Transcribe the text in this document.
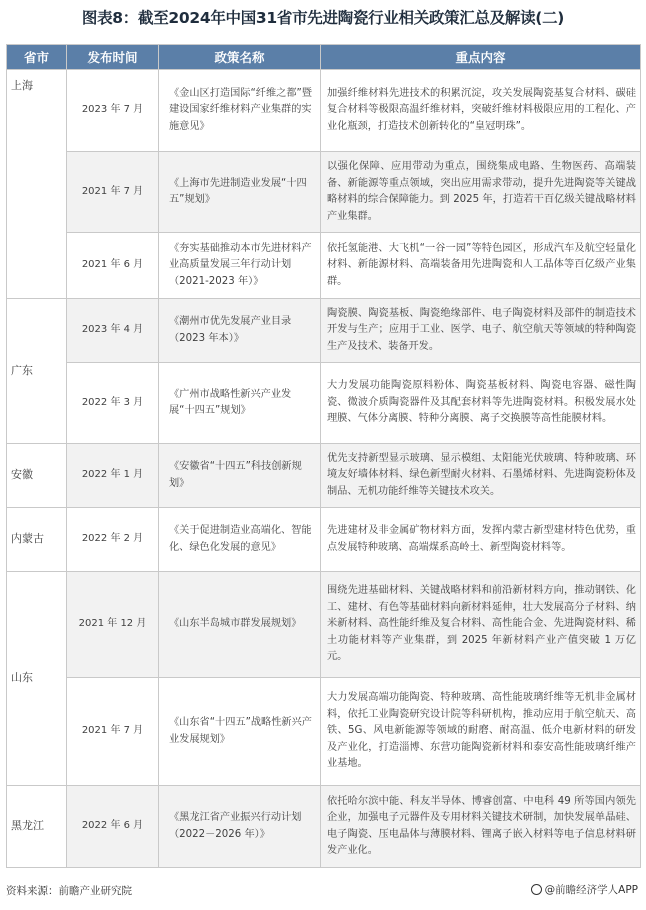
图表8：截至2024年中国31省市先进陶瓷行业相关政策汇总及解读(二)
省市	发布时间	政策名称	重点内容
上海	2023 年 7 月	《金山区打造国际“纤维之都”暨建设国家纤维材料产业集群的实施意见》	加强纤维材料先进技术的积累沉淀，攻关发展陶瓷基复合材料、碳硅复合材料等极限高温纤维材料，突破纤维材料极限应用的工程化、产业化瓶颈，打造技术创新转化的“皇冠明珠”。
	2021 年 7 月	《上海市先进制造业发展“十四五”规划》	以强化保障、应用带动为重点，围绕集成电路、生物医药、高端装备、新能源等重点领域，突出应用需求带动，提升先进陶瓷等关键战略材料的综合保障能力。到 2025 年，打造若干百亿级关键战略材料产业集群。
	2021 年 6 月	《夯实基础推动本市先进材料产业高质量发展三年行动计划（2021-2023 年）》	依托氢能港、大飞机“一谷一园”等特色园区，形成汽车及航空轻量化材料、新能源材料、高端装备用先进陶瓷和人工晶体等百亿级产业集群。
广东	2023 年 4 月	《潮州市优先发展产业目录（2023 年本）》	陶瓷膜、陶瓷基板、陶瓷绝缘部件、电子陶瓷材料及部件的制造技术开发与生产；应用于工业、医学、电子、航空航天等领域的特种陶瓷生产及技术、装备开发。
	2022 年 3 月	《广州市战略性新兴产业发展“十四五”规划》	大力发展功能陶瓷原料粉体、陶瓷基板材料、陶瓷电容器、磁性陶瓷、微波介质陶瓷器件及其配套材料等先进陶瓷材料。积极发展水处理膜、气体分离膜、特种分离膜、离子交换膜等高性能膜材料。
安徽	2022 年 1 月	《安徽省“十四五”科技创新规划》	优先支持新型显示玻璃、显示模组、太阳能光伏玻璃、特种玻璃、环境友好墙体材料、绿色新型耐火材料、石墨烯材料、先进陶瓷粉体及制品、无机功能纤维等关键技术攻关。
内蒙古	2022 年 2 月	《关于促进制造业高端化、智能化、绿色化发展的意见》	先进建材及非金属矿物材料方面，发挥内蒙古新型建材特色优势，重点发展特种玻璃、高端煤系高岭土、新型陶瓷材料等。
山东	2021 年 12 月	《山东半岛城市群发展规划》	围绕先进基础材料、关键战略材料和前沿新材料方向，推动钢铁、化工、建材、有色等基础材料向新材料延伸，壮大发展高分子材料、纳米新材料、高性能纤维及复合材料、高性能合金、先进陶瓷材料、稀土功能材料等产业集群，到 2025 年新材料产业产值突破 1 万亿元。
	2021 年 7 月	《山东省“十四五”战略性新兴产业发展规划》	大力发展高端功能陶瓷、特种玻璃、高性能玻璃纤维等无机非金属材料，依托工业陶瓷研究设计院等科研机构，推动应用于航空航天、高铁、5G、风电新能源等领域的耐磨、耐高温、低介电新材料的研发及产业化，打造淄博、东营功能陶瓷新材料和泰安高性能玻璃纤维产业基地。
黑龙江	2022 年 6 月	《黑龙江省产业振兴行动计划（2022－2026 年）》	依托哈尔滨中能、科友半导体、博睿创富、中电科 49 所等国内领先企业，加强电子元器件及专用材料关键技术研制，加快发展单晶硅、电子陶瓷、压电晶体与薄膜材料、锂离子嵌入材料等电子信息材料研发产业化。
资料来源：前瞻产业研究院	@前瞻经济学人APP
